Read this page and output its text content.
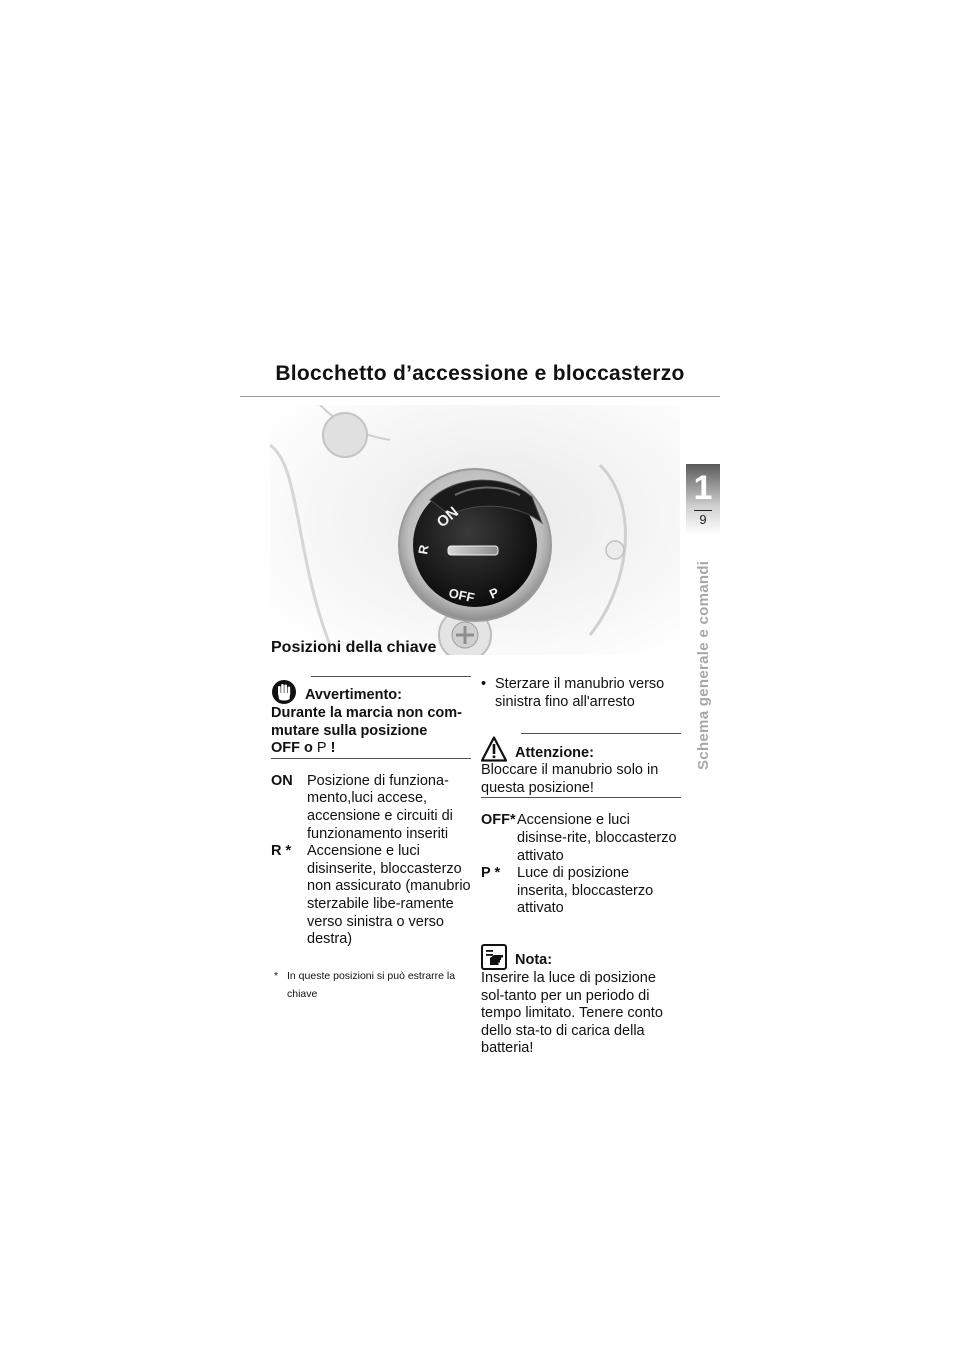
Blocchetto d’accessione e bloccasterzo
ON
R
OFF P
1
9
Schema generale e comandi
Posizioni della chiave
Avvertimento:
Durante la marcia non com-
mutare sulla posizione
OFF o P !
ON Posizione di funziona-mento,luci accese, accensione e circuiti di funzionamento inseriti
R *	Accensione e luci disinserite, bloccasterzo non assicurato (manubrio sterzabile libe-ramente verso sinistra o verso destra)
* In queste posizioni si può estrarre la chiave
• Sterzare il manubrio verso sinistra fino all'arresto
Attenzione:
Bloccare il manubrio solo in questa posizione!
OFF* Accensione e luci disinse-rite, bloccasterzo attivato
P *	Luce di posizione inserita, bloccasterzo attivato
Nota:
Inserire la luce di posizione sol-tanto per un periodo di tempo limitato. Tenere conto dello sta-to di carica della batteria!
